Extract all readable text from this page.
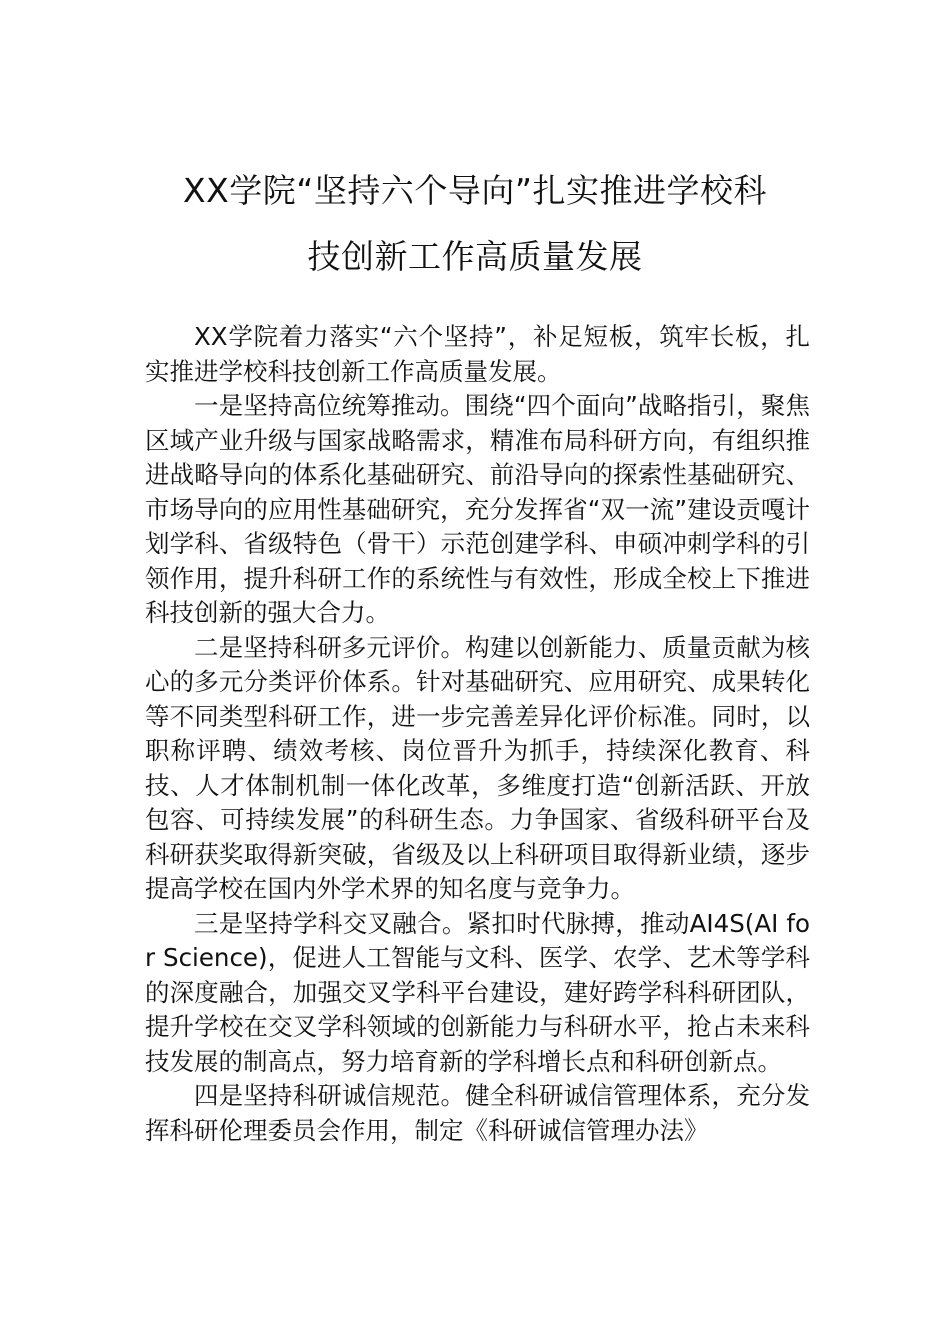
XX学院“坚持六个导向”扎实推进学校科
技创新工作高质量发展

XX学院着力落实“六个坚持”，补足短板，筑牢长板，扎实推进学校科技创新工作高质量发展。

一是坚持高位统筹推动。围绕“四个面向”战略指引，聚焦区域产业升级与国家战略需求，精准布局科研方向，有组织推进战略导向的体系化基础研究、前沿导向的探索性基础研究、市场导向的应用性基础研究，充分发挥省“双一流”建设贡嘎计划学科、省级特色（骨干）示范创建学科、申硕冲刺学科的引领作用，提升科研工作的系统性与有效性，形成全校上下推进科技创新的强大合力。

二是坚持科研多元评价。构建以创新能力、质量贡献为核心的多元分类评价体系。针对基础研究、应用研究、成果转化等不同类型科研工作，进一步完善差异化评价标准。同时，以职称评聘、绩效考核、岗位晋升为抓手，持续深化教育、科技、人才体制机制一体化改革，多维度打造“创新活跃、开放包容、可持续发展”的科研生态。力争国家、省级科研平台及科研获奖取得新突破，省级及以上科研项目取得新业绩，逐步提高学校在国内外学术界的知名度与竞争力。

三是坚持学科交叉融合。紧扣时代脉搏，推动AI4S(AI for Science)，促进人工智能与文科、医学、农学、艺术等学科的深度融合，加强交叉学科平台建设，建好跨学科科研团队，提升学校在交叉学科领域的创新能力与科研水平，抢占未来科技发展的制高点，努力培育新的学科增长点和科研创新点。

四是坚持科研诚信规范。健全科研诚信管理体系，充分发挥科研伦理委员会作用，制定《科研诚信管理办法》
